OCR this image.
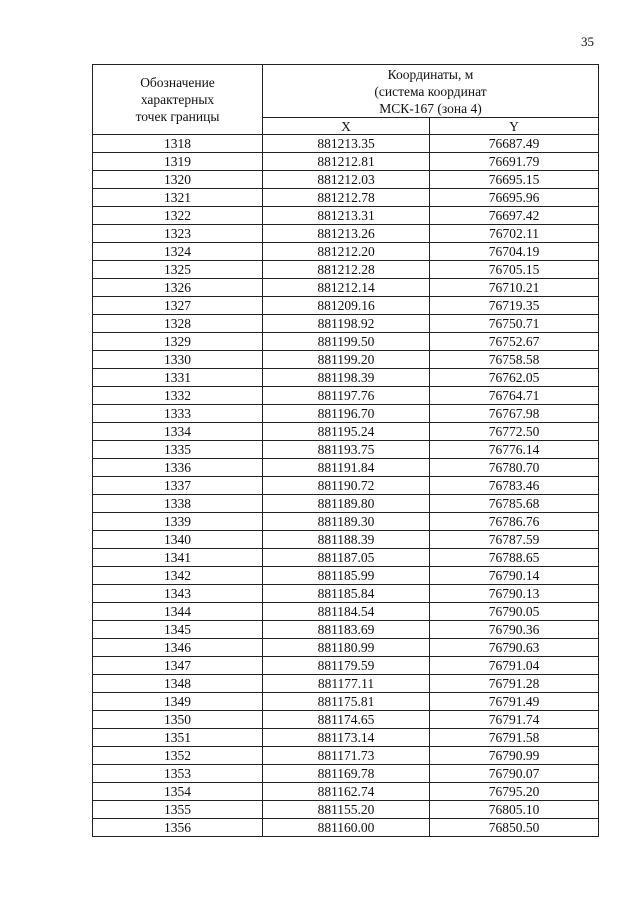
35
Обозначение
характерных
точек границы	Координаты, м
(система координат
МСК-167 (зона 4)	

	X	Y
1318	881213.35	76687.49
1319	881212.81	76691.79
1320	881212.03	76695.15
1321	881212.78	76695.96
1322	881213.31	76697.42
1323	881213.26	76702.11
1324	881212.20	76704.19
1325	881212.28	76705.15
1326	881212.14	76710.21
1327	881209.16	76719.35
1328	881198.92	76750.71
1329	881199.50	76752.67
1330	881199.20	76758.58
1331	881198.39	76762.05
1332	881197.76	76764.71
1333	881196.70	76767.98
1334	881195.24	76772.50
1335	881193.75	76776.14
1336	881191.84	76780.70
1337	881190.72	76783.46
1338	881189.80	76785.68
1339	881189.30	76786.76
1340	881188.39	76787.59
1341	881187.05	76788.65
1342	881185.99	76790.14
1343	881185.84	76790.13
1344	881184.54	76790.05
1345	881183.69	76790.36
1346	881180.99	76790.63
1347	881179.59	76791.04
1348	881177.11	76791.28
1349	881175.81	76791.49
1350	881174.65	76791.74
1351	881173.14	76791.58
1352	881171.73	76790.99
1353	881169.78	76790.07
1354	881162.74	76795.20
1355	881155.20	76805.10
1356	881160.00	76850.50
